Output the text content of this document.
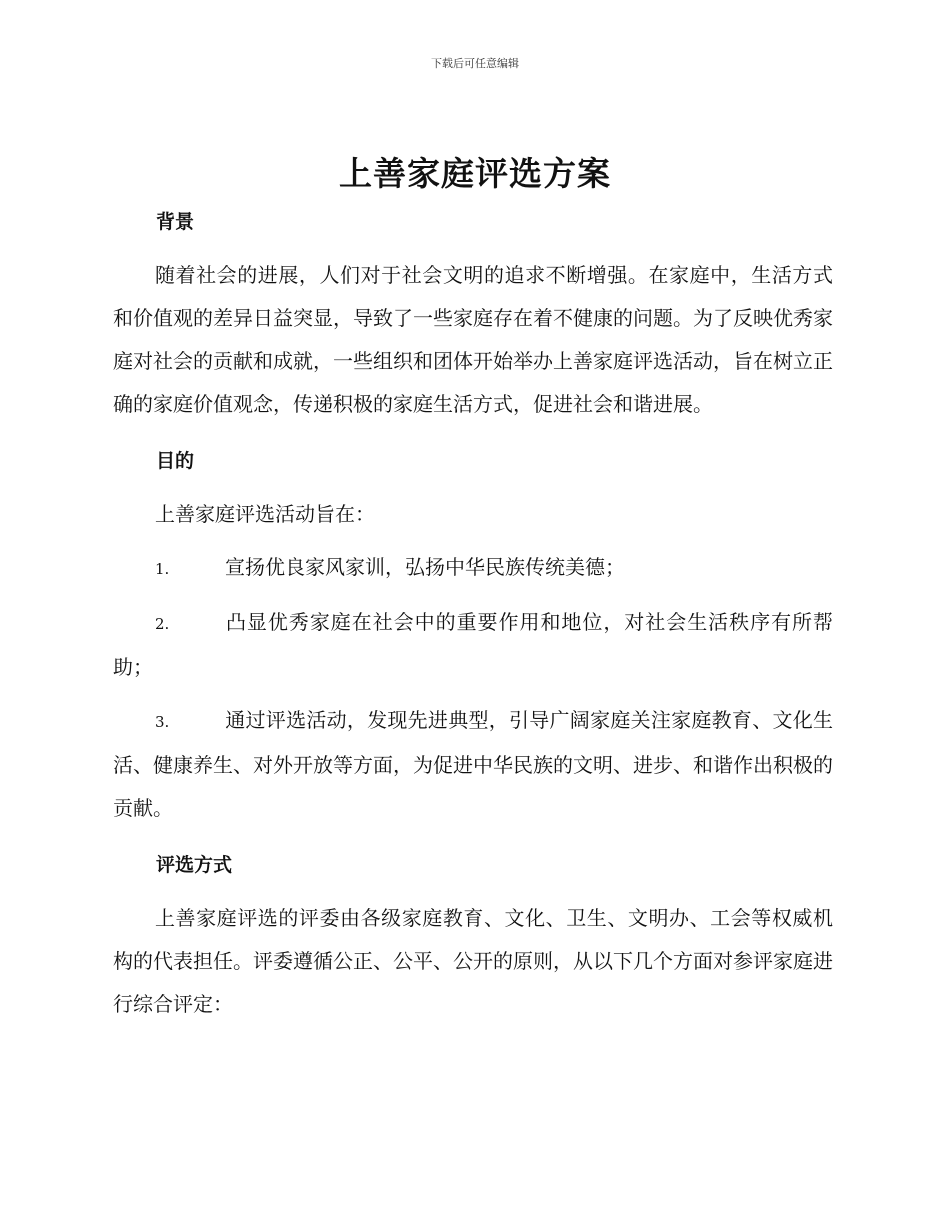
下载后可任意编辑
上善家庭评选方案
背景

随着社会的进展，人们对于社会文明的追求不断增强。在家庭中，生活方式和价值观的差异日益突显，导致了一些家庭存在着不健康的问题。为了反映优秀家庭对社会的贡献和成就，一些组织和团体开始举办上善家庭评选活动，旨在树立正确的家庭价值观念，传递积极的家庭生活方式，促进社会和谐进展。

目的

上善家庭评选活动旨在：

1.	宣扬优良家风家训，弘扬中华民族传统美德；

2.	凸显优秀家庭在社会中的重要作用和地位，对社会生活秩序有所帮助；

3.	通过评选活动，发现先进典型，引导广阔家庭关注家庭教育、文化生活、健康养生、对外开放等方面，为促进中华民族的文明、进步、和谐作出积极的贡献。

评选方式

上善家庭评选的评委由各级家庭教育、文化、卫生、文明办、工会等权威机构的代表担任。评委遵循公正、公平、公开的原则，从以下几个方面对参评家庭进行综合评定：
